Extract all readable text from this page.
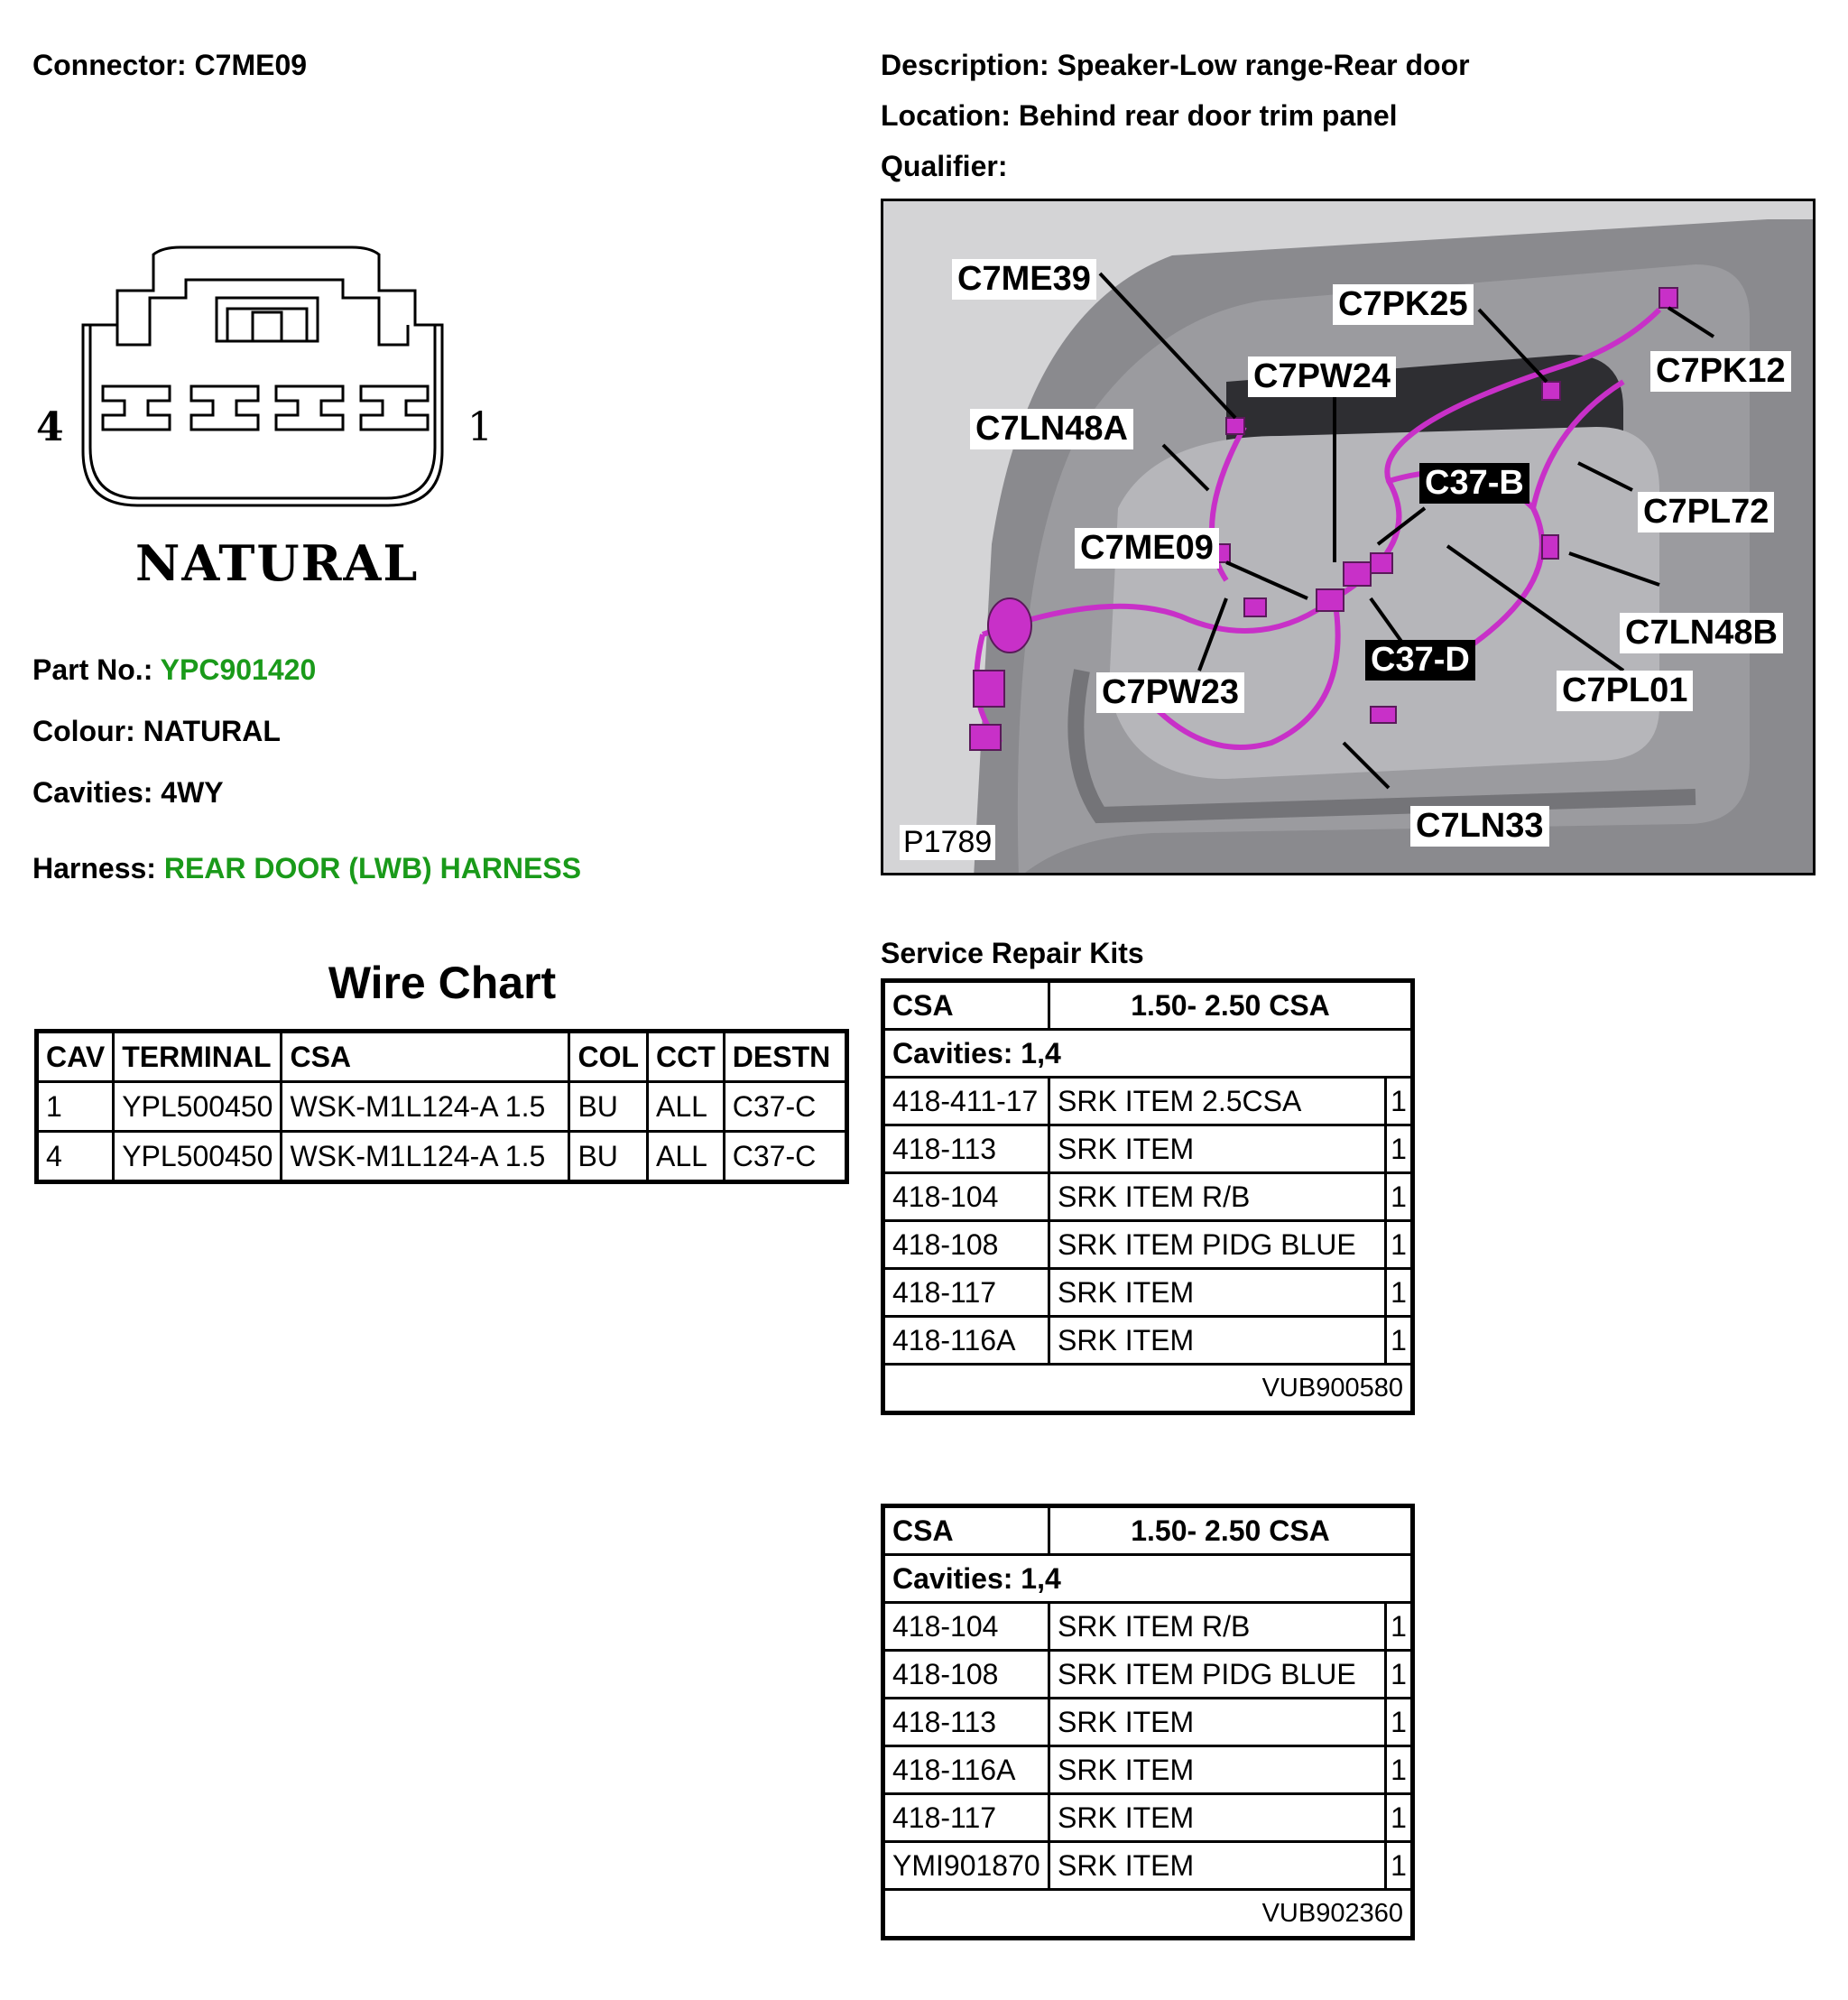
Connector: C7ME09	Description: Speaker-Low range-Rear door
Location: Behind rear door trim panel
Qualifier:
4	1
NATURAL
Part No.: YPC901420
Colour: NATURAL
Cavities: 4WY
Harness: REAR DOOR (LWB) HARNESS
C7ME39
C7PK25
C7PW24	C7PK12
C7LN48A
C37-B
C7PL72
C7ME09
C7LN48B
C37-D
C7PW23	C7PL01
C7LN33
P1789
Wire Chart
CAV	TERMINAL	CSA	COL	CCT	DESTN
1	YPL500450	WSK-M1L124-A 1.5	BU	ALL	C37-C
4	YPL500450	WSK-M1L124-A 1.5	BU	ALL	C37-C
Service Repair Kits
CSA	1.50- 2.50 CSA	
Cavities: 1,4		
418-411-17	SRK ITEM 2.5CSA	1
418-113	SRK ITEM	1
418-104	SRK ITEM R/B	1
418-108	SRK ITEM PIDG BLUE	1
418-117	SRK ITEM	1
418-116A	SRK ITEM	1
VUB900580		
CSA	1.50- 2.50 CSA	
Cavities: 1,4		
418-104	SRK ITEM R/B	1
418-108	SRK ITEM PIDG BLUE	1
418-113	SRK ITEM	1
418-116A	SRK ITEM	1
418-117	SRK ITEM	1
YMI901870	SRK ITEM	1
VUB902360		
